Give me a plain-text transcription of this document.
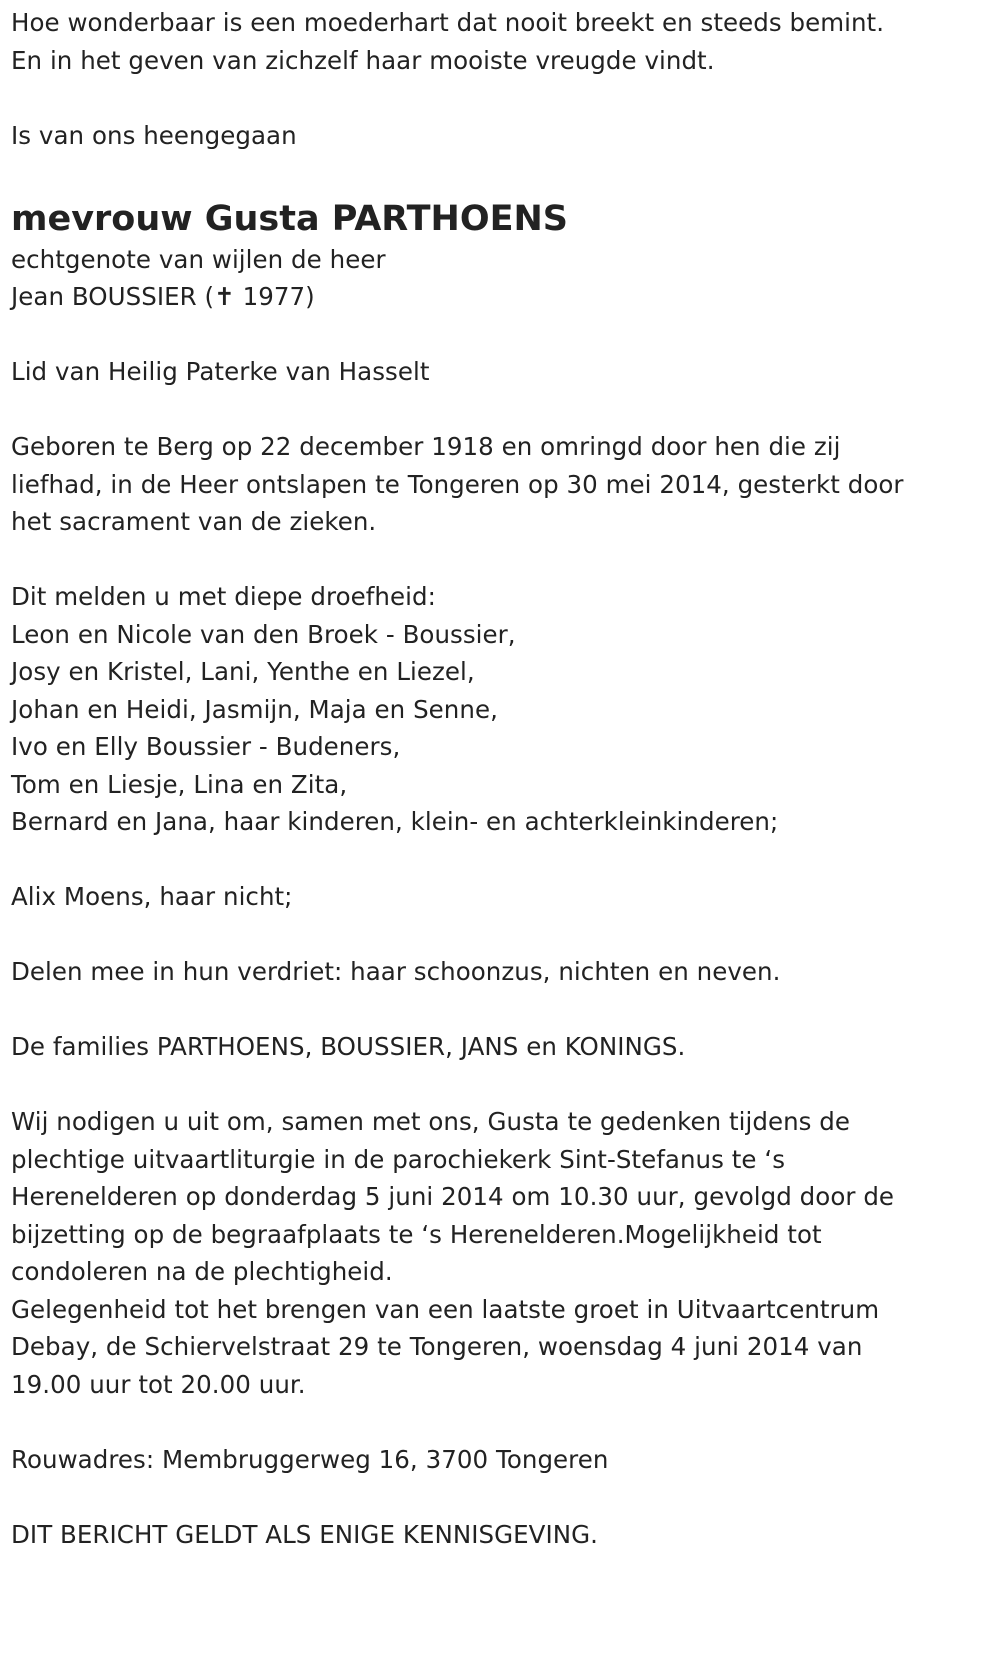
Hoe wonderbaar is een moederhart dat nooit breekt en steeds bemint.
En in het geven van zichzelf haar mooiste vreugde vindt.
Is van ons heengegaan
mevrouw Gusta PARTHOENS
echtgenote van wijlen de heer
Jean BOUSSIER (✝ 1977)
Lid van Heilig Paterke van Hasselt
Geboren te Berg op 22 december 1918 en omringd door hen die zij
liefhad, in de Heer ontslapen te Tongeren op 30 mei 2014, gesterkt door
het sacrament van de zieken.
Dit melden u met diepe droefheid:
Leon en Nicole van den Broek - Boussier,
Josy en Kristel, Lani, Yenthe en Liezel,
Johan en Heidi, Jasmijn, Maja en Senne,
Ivo en Elly Boussier - Budeners,
Tom en Liesje, Lina en Zita,
Bernard en Jana, haar kinderen, klein- en achterkleinkinderen;
Alix Moens, haar nicht;
Delen mee in hun verdriet: haar schoonzus, nichten en neven.
De families PARTHOENS, BOUSSIER, JANS en KONINGS.
Wij nodigen u uit om, samen met ons, Gusta te gedenken tijdens de
plechtige uitvaartliturgie in de parochiekerk Sint-Stefanus te ‘s
Herenelderen op donderdag 5 juni 2014 om 10.30 uur, gevolgd door de
bijzetting op de begraafplaats te ‘s Herenelderen.Mogelijkheid tot
condoleren na de plechtigheid.
Gelegenheid tot het brengen van een laatste groet in Uitvaartcentrum
Debay, de Schiervelstraat 29 te Tongeren, woensdag 4 juni 2014 van
19.00 uur tot 20.00 uur.
Rouwadres: Membruggerweg 16, 3700 Tongeren
DIT BERICHT GELDT ALS ENIGE KENNISGEVING.
